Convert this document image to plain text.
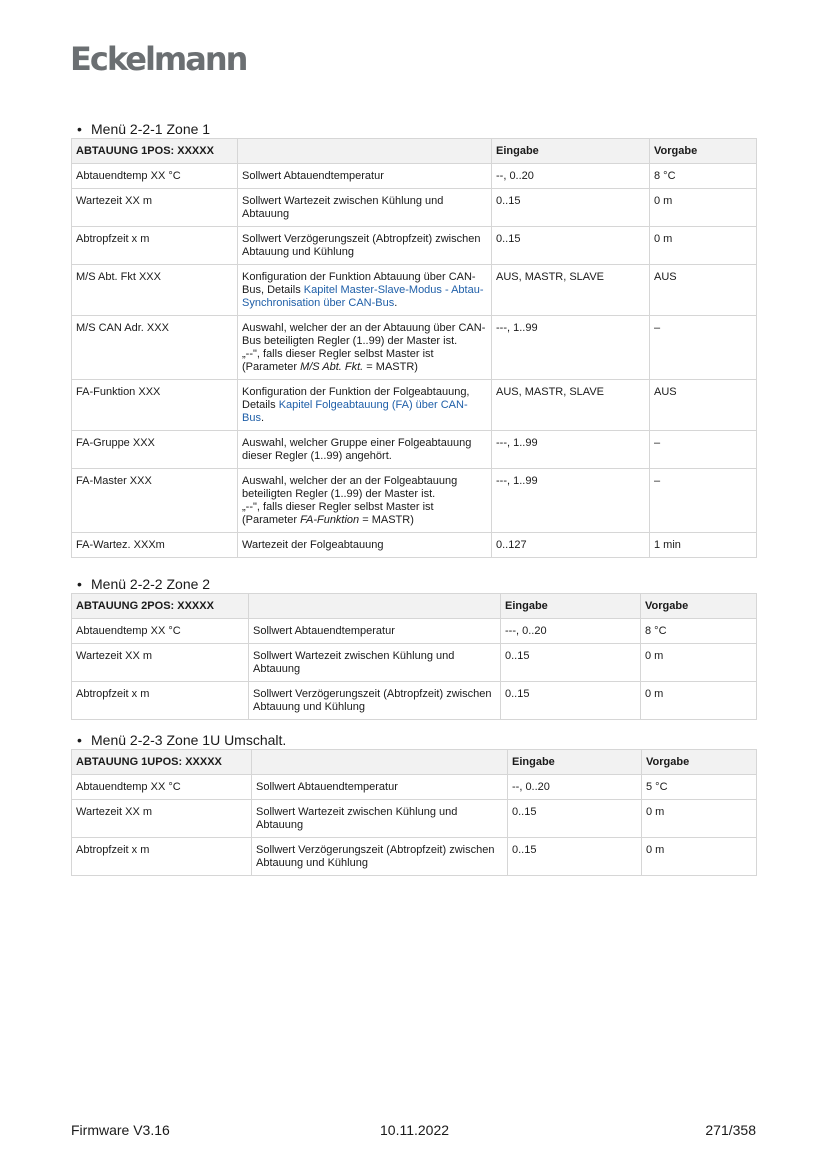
Eckelmann
• Menü 2-2-1 Zone 1
ABTAUUNG 1POS: XXXXX		Eingabe	Vorgabe
Abtauendtemp XX °C	Sollwert Abtauendtemperatur	--, 0..20	8 °C
Wartezeit XX m	Sollwert Wartezeit zwischen Kühlung und Abtauung	0..15	0 m
Abtropfzeit x m	Sollwert Verzögerungszeit (Abtropfzeit) zwischen Abtauung und Kühlung	0..15	0 m
M/S Abt. Fkt XXX	Konfiguration der Funktion Abtauung über CAN-Bus, Details Kapitel Master-Slave-Modus - Abtau-Synchronisation über CAN-Bus.	AUS, MASTR, SLAVE	AUS
M/S CAN Adr. XXX	Auswahl, welcher der an der Abtauung über CAN-Bus beteiligten Regler (1..99) der Master ist.
„--", falls dieser Regler selbst Master ist
(Parameter M/S Abt. Fkt. = MASTR)	---, 1..99	–
FA-Funktion XXX	Konfiguration der Funktion der Folgeabtauung, Details Kapitel Folgeabtauung (FA) über CAN-Bus.	AUS, MASTR, SLAVE	AUS
FA-Gruppe XXX	Auswahl, welcher Gruppe einer Folgeabtauung dieser Regler (1..99) angehört.	---, 1..99	–
FA-Master XXX	Auswahl, welcher der an der Folgeabtauung beteiligten Regler (1..99) der Master ist.
„--", falls dieser Regler selbst Master ist
(Parameter FA-Funktion = MASTR)	---, 1..99	–
FA-Wartez. XXXm	Wartezeit der Folgeabtauung	0..127	1 min
• Menü 2-2-2 Zone 2
ABTAUUNG 2POS: XXXXX		Eingabe	Vorgabe
Abtauendtemp XX °C	Sollwert Abtauendtemperatur	---, 0..20	8 °C
Wartezeit XX m	Sollwert Wartezeit zwischen Kühlung und Abtauung	0..15	0 m
Abtropfzeit x m	Sollwert Verzögerungszeit (Abtropfzeit) zwischen Abtauung und Kühlung	0..15	0 m
• Menü 2-2-3 Zone 1U Umschalt.
ABTAUUNG 1UPOS: XXXXX		Eingabe	Vorgabe
Abtauendtemp XX °C	Sollwert Abtauendtemperatur	--, 0..20	5 °C
Wartezeit XX m	Sollwert Wartezeit zwischen Kühlung und Abtauung	0..15	0 m
Abtropfzeit x m	Sollwert Verzögerungszeit (Abtropfzeit) zwischen Abtauung und Kühlung	0..15	0 m
Firmware V3.16	10.11.2022	271/358
